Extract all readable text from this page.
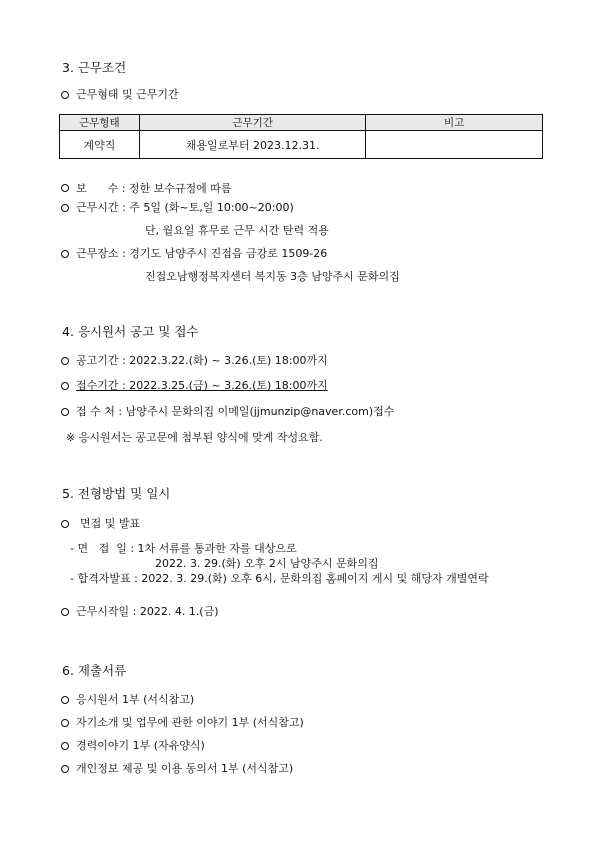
3. 근무조건
근무형태 및 근무기간
근무형태	근무기간	비고
계약직	채용일로부터 2023.12.31.	
보      수 : 정한 보수규정에 따름
근무시간 : 주 5일 (화~토,일 10:00~20:00)
단, 월요일 휴무로 근무 시간 탄력 적용
근무장소 : 경기도 남양주시 진접읍 금강로 1509-26
진접오남행정복지센터 복지동 3층 남양주시 문화의집
4. 응시원서 공고 및 접수
공고기간 : 2022.3.22.(화) ~ 3.26.(토) 18:00까지
접수기간 : 2022.3.25.(금) ~ 3.26.(토) 18:00까지
접 수 처 : 남양주시 문화의집 이메일(jjmunzip@naver.com)접수
※ 응시원서는 공고문에 첨부된 양식에 맞게 작성요함.
5. 전형방법 및 일시
면접 및 발표
- 면   접  일 : 1차 서류를 통과한 자를 대상으로
2022. 3. 29.(화) 오후 2시 남양주시 문화의집
- 합격자발표 : 2022. 3. 29.(화) 오후 6시, 문화의집 홈페이지 게시 및 해당자 개별연락
근무시작일 : 2022. 4. 1.(금)
6. 제출서류
응시원서 1부 (서식참고)
자기소개 및 업무에 관한 이야기 1부 (서식참고)
경력이야기 1부 (자유양식)
개인정보 제공 및 이용 동의서 1부 (서식참고)
